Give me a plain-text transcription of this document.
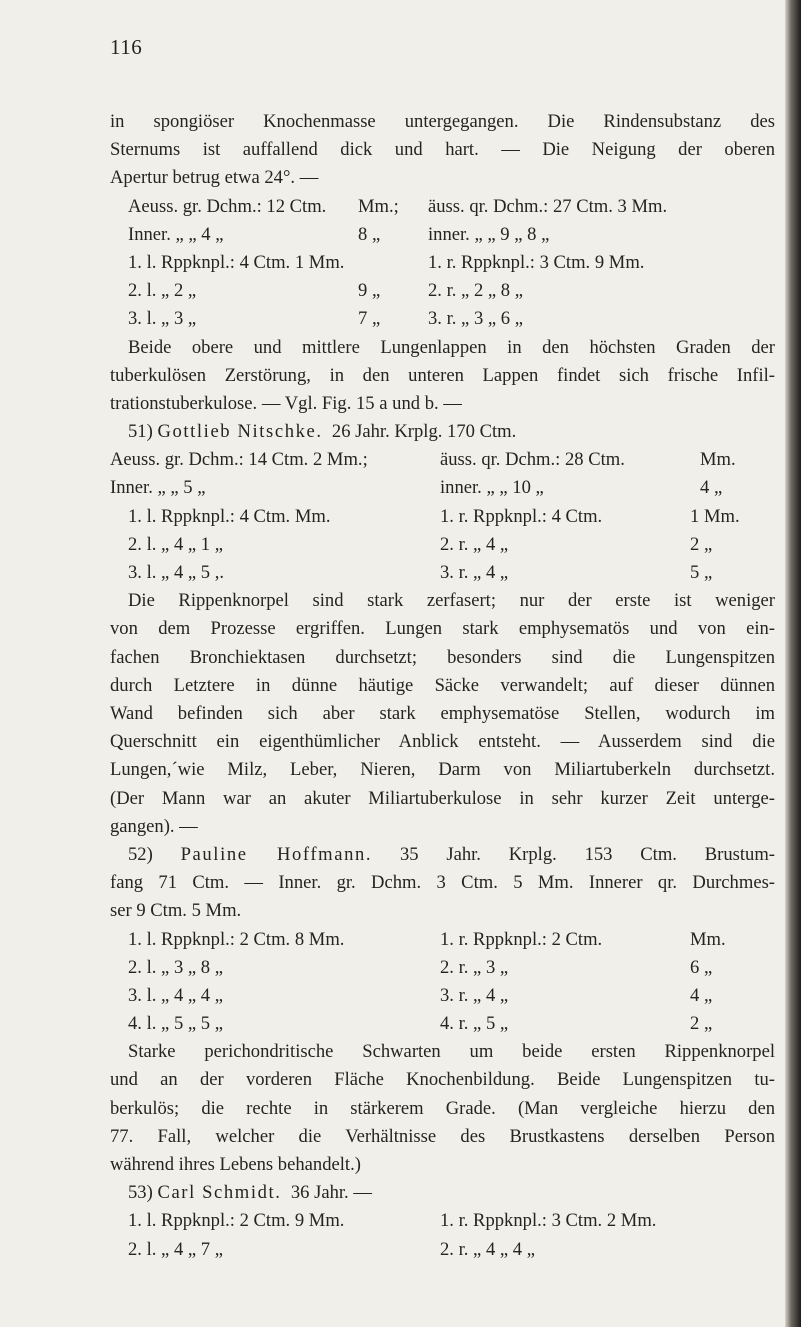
116
in spongiöser Knochenmasse untergegangen. Die Rindensubstanz des
Sternums ist auffallend dick und hart. — Die Neigung der oberen
Apertur betrug etwa 24°. —
Aeuss. gr. Dchm.: 12 Ctm.	Mm.;	äuss. qr. Dchm.: 27 Ctm. 3 Mm.
Inner. „ „ 4 „	8 „	inner. „ „ 9 „ 8 „
1. l. Rppknpl.: 4 Ctm. 1 Mm.	1. r. Rppknpl.: 3 Ctm. 9 Mm.
2. l. „ 2 „	9 „	2. r. „ 2 „ 8 „
3. l. „ 3 „	7 „	3. r. „ 3 „ 6 „
Beide obere und mittlere Lungenlappen in den höchsten Graden der
tuberkulösen Zerstörung, in den unteren Lappen findet sich frische Infil-
trationstuberkulose. — Vgl. Fig. 15 a und b. —
51)
Gottlieb Nitschke.
26 Jahr. Krplg. 170 Ctm.
Aeuss. gr. Dchm.: 14 Ctm. 2 Mm.;	äuss. qr. Dchm.: 28 Ctm.	Mm.
Inner. „ „ 5 „	inner. „ „ 10 „	4 „
1. l. Rppknpl.: 4 Ctm. Mm.	1. r. Rppknpl.: 4 Ctm.	1 Mm.
2. l. „ 4 „ 1 „	2. r. „ 4 „	2 „
3. l. „ 4 „ 5 ,.	3. r. „ 4 „	5 „
Die Rippenknorpel sind stark zerfasert; nur der erste ist weniger
von dem Prozesse ergriffen. Lungen stark emphysematös und von ein-
fachen Bronchiektasen durchsetzt; besonders sind die Lungenspitzen
durch Letztere in dünne häutige Säcke verwandelt; auf dieser dünnen
Wand befinden sich aber stark emphysematöse Stellen, wodurch im
Querschnitt ein eigenthümlicher Anblick entsteht. — Ausserdem sind die
Lungen,´wie Milz, Leber, Nieren, Darm von Miliartuberkeln durchsetzt.
(Der Mann war an akuter Miliartuberkulose in sehr kurzer Zeit unterge-
gangen). —
52) Pauline Hoffmann. 35 Jahr. Krplg. 153 Ctm. Brustum-
fang 71 Ctm. — Inner. gr. Dchm. 3 Ctm. 5 Mm. Innerer qr. Durchmes-
ser 9 Ctm. 5 Mm.
1. l. Rppknpl.: 2 Ctm. 8 Mm.	1. r. Rppknpl.: 2 Ctm.	Mm.
2. l. „ 3 „ 8 „	2. r. „ 3 „	6 „
3. l. „ 4 „ 4 „	3. r. „ 4 „	4 „
4. l. „ 5 „ 5 „	4. r. „ 5 „	2 „
Starke perichondritische Schwarten um beide ersten Rippenknorpel
und an der vorderen Fläche Knochenbildung. Beide Lungenspitzen tu-
berkulös; die rechte in stärkerem Grade. (Man vergleiche hierzu den
77. Fall, welcher die Verhältnisse des Brustkastens derselben Person
während ihres Lebens behandelt.)
53)
Carl Schmidt.
36 Jahr. —
1. l. Rppknpl.: 2 Ctm. 9 Mm.	1. r. Rppknpl.: 3 Ctm. 2 Mm.
2. l. „ 4 „ 7 „	2. r. „ 4 „ 4 „
